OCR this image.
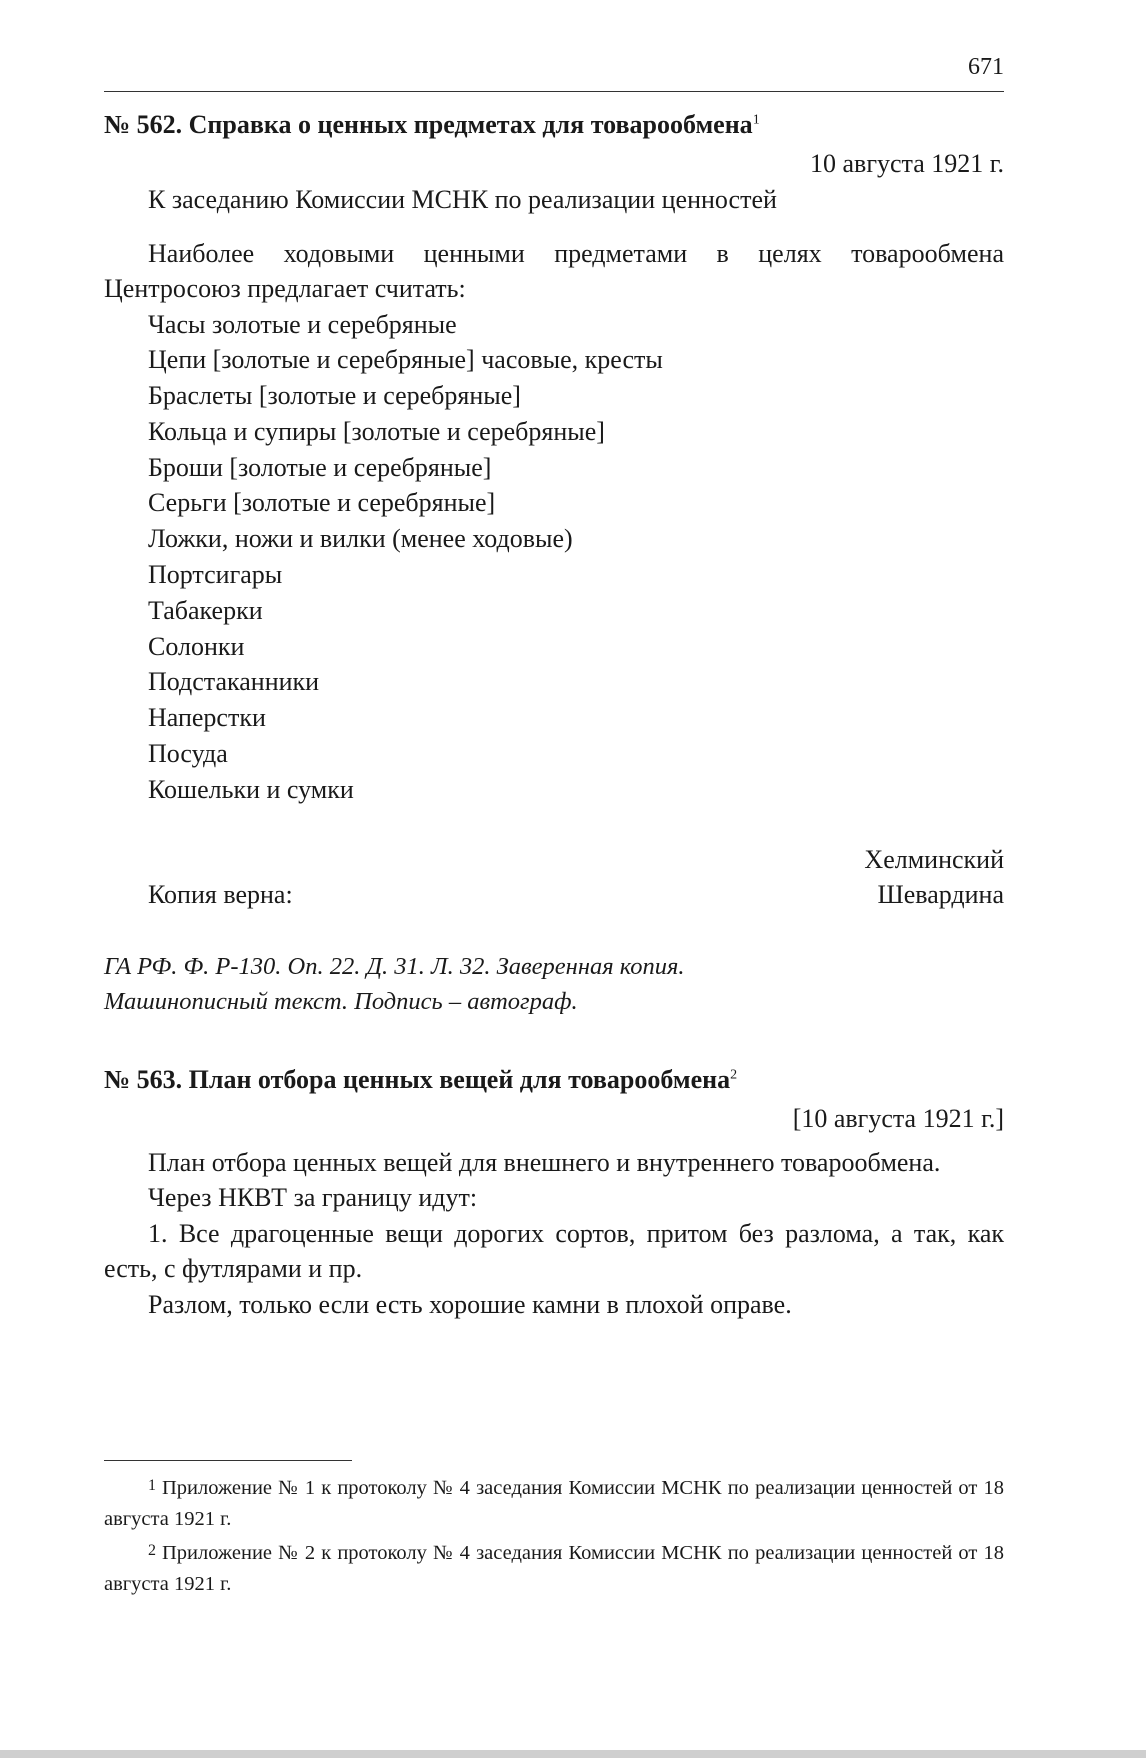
671
№ 562. Справка о ценных предметах для товарообмена$^1$

10 августа 1921 г.

К заседанию Комиссии МСНК по реализации ценностей

Наиболее ходовыми ценными предметами в целях товарообмена Центросоюз предлагает считать:

Часы золотые и серебряные

Цепи [золотые и серебряные] часовые, кресты

Браслеты [золотые и серебряные]

Кольца и супиры [золотые и серебряные]

Броши [золотые и серебряные]

Серьги [золотые и серебряные]

Ложки, ножи и вилки (менее ходовые)

Портсигары

Табакерки

Солонки

Подстаканники

Наперстки

Посуда

Кошельки и сумки

Хелминский
Копия верна:	Шевардина

ГА РФ. Ф. Р-130. Оп. 22. Д. 31. Л. 32. Заверенная копия.

Машинописный текст. Подпись – автограф.

№ 563. План отбора ценных вещей для товарообмена$^2$

[10 августа 1921 г.]

План отбора ценных вещей для внешнего и внутреннего товарообмена.

Через НКВТ за границу идут:

1. Все драгоценные вещи дорогих сортов, притом без разлома, а так, как есть, с футлярами и пр.

Разлом, только если есть хорошие камни в плохой оправе.

1 Приложение № 1 к протоколу № 4 заседания Комиссии МСНК по реализации ценностей от 18 августа 1921 г.

2 Приложение № 2 к протоколу № 4 заседания Комиссии МСНК по реализации ценностей от 18 августа 1921 г.
